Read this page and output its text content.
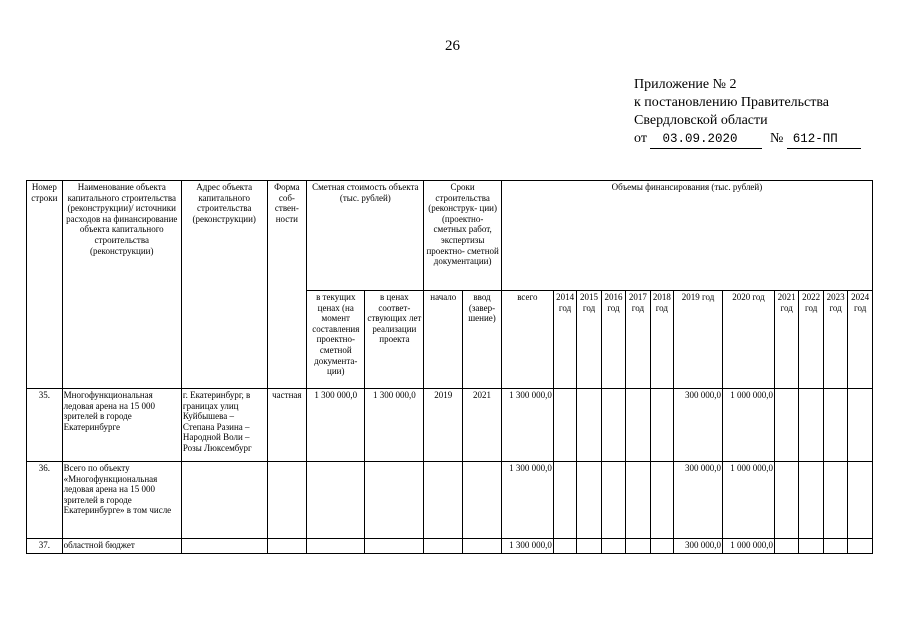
26
Приложение № 2
к постановлению Правительства
Свердловской области
от 03.09.2020 № 612-ПП
Номер строки	Наименование объекта капитального строительства (реконструкции)/ источники расходов на финансирование объекта капитального строительства (реконструкции)	Адрес объекта капитального строительства (реконструкции)	Форма соб- ствен- ности	Сметная стоимость объекта (тыс. рублей)		Сроки строительства (реконструк- ции) (проектно- сметных работ, экспертизы проектно- сметной документации)		Объемы финансирования (тыс. рублей)											
				в текущих ценах (на момент составления проектно- сметной документа- ции)	в ценах соответ- ствующих лет реализации проекта	начало	ввод (завер- шение)	всего	2014 год	2015 год	2016 год	2017 год	2018 год	2019 год	2020 год	2021 год	2022 год	2023 год	2024 год
35.	Многофункциональная ледовая арена на 15 000 зрителей в городе Екатеринбурге	г. Екатеринбург, в границах улиц Куйбышева – Степана Разина – Народной Воли – Розы Люксембург	частная	1 300 000,0	1 300 000,0	2019	2021	1 300 000,0						300 000,0	1 000 000,0				
36.	Всего по объекту «Многофункциональная ледовая арена на 15 000 зрителей в городе Екатеринбурге» в том числе							1 300 000,0						300 000,0	1 000 000,0				
37.	областной бюджет							1 300 000,0						300 000,0	1 000 000,0				
